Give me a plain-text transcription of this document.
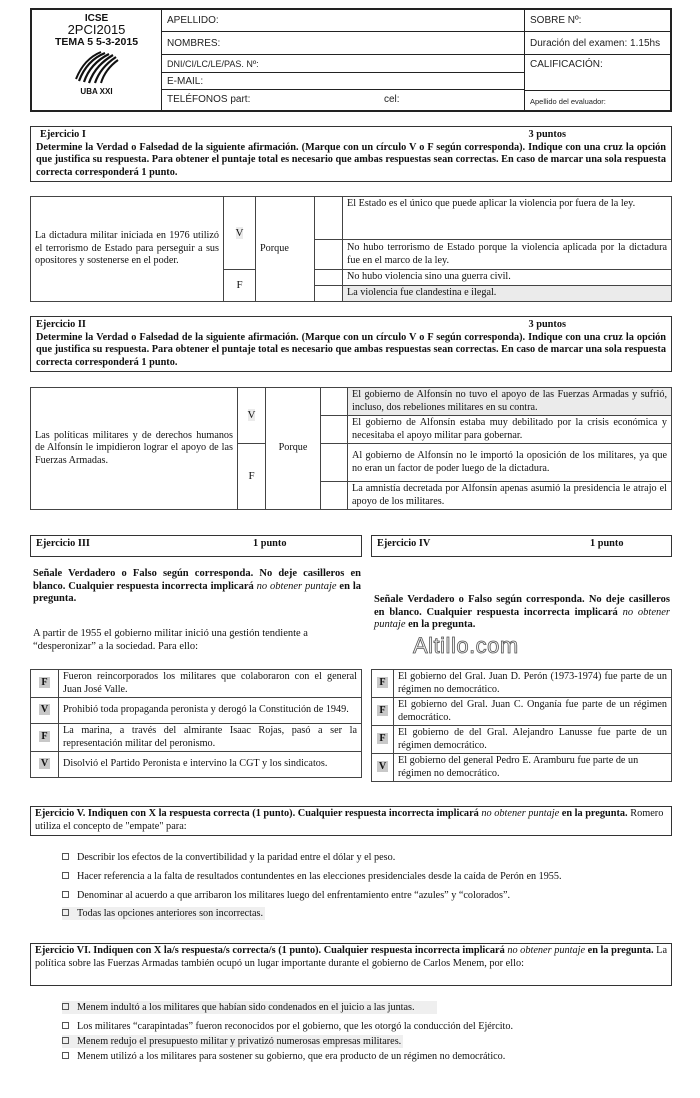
ICSE
2PCI2015
TEMA 5 5-3-2015
UBA XXI
APELLIDO:
NOMBRES:
DNI/CI/LC/LE/PAS. Nº:
E-MAIL:
TELÉFONOS part:	cel:
SOBRE Nº:
Duración del examen: 1.15hs
CALIFICACIÓN:
Apellido del evaluador:
Ejercicio I	3 puntos
Determine la Verdad o Falsedad de la siguiente afirmación. (Marque con un círculo V o F según corresponda). Indique con una cruz la opción que justifica su respuesta. Para obtener el puntaje total es necesario que ambas respuestas sean correctas. En caso de marcar una sola respuesta correcta corresponderá 1 punto.
La dictadura militar iniciada en 1976 utilizó el terrorismo de Estado para perseguir a sus opositores y sostenerse en el poder.	V	Porque		El Estado es el único que puede aplicar la violencia por fuera de la ley.
				No hubo terrorismo de Estado porque la violencia aplicada por la dictadura fue en el marco de la ley.
	F			No hubo violencia sino una guerra civil.
				La violencia fue clandestina e ilegal.
Ejercicio II	3 puntos
Determine la Verdad o Falsedad de la siguiente afirmación. (Marque con un círculo V o F según corresponda). Indique con una cruz la opción que justifica su respuesta. Para obtener el puntaje total es necesario que ambas respuestas sean correctas. En caso de marcar una sola respuesta correcta corresponderá 1 punto.
Las políticas militares y de derechos humanos de Alfonsín le impidieron lograr el apoyo de las Fuerzas Armadas.	V	Porque		El gobierno de Alfonsín no tuvo el apoyo de las Fuerzas Armadas y sufrió, incluso, dos rebeliones militares en su contra.
				El gobierno de Alfonsín estaba muy debilitado por la crisis económica y necesitaba el apoyo militar para gobernar.
	F			Al gobierno de Alfonsín no le importó la oposición de los militares, ya que no eran un factor de poder luego de la dictadura.
				La amnistía decretada por Alfonsín apenas asumió la presidencia le atrajo el apoyo de los militares.
Ejercicio III	1 punto
Señale Verdadero o Falso según corresponda. No deje casilleros en blanco. Cualquier respuesta incorrecta implicará no obtener puntaje en la pregunta.
A partir de 1955 el gobierno militar inició una gestión tendiente a “desperonizar” a la sociedad. Para ello:
F	Fueron reincorporados los militares que colaboraron con el general Juan José Valle.
V	Prohibió toda propaganda peronista y derogó la Constitución de 1949.
F	La marina, a través del almirante Isaac Rojas, pasó a ser la representación militar del peronismo.
V	Disolvió el Partido Peronista e intervino la CGT y los sindicatos.
Ejercicio IV	1 punto
Señale Verdadero o Falso según corresponda. No deje casilleros en blanco. Cualquier respuesta incorrecta implicará no obtener puntaje en la pregunta.
Altillo.com
F	El gobierno del Gral. Juan D. Perón (1973-1974) fue parte de un régimen no democrático.
F	El gobierno del Gral. Juan C. Onganía fue parte de un régimen democrático.
F	El gobierno de del Gral. Alejandro Lanusse fue parte de un régimen democrático.
V	El gobierno del general Pedro E. Aramburu fue parte de un régimen no democrático.
Ejercicio V. Indiquen con X la respuesta correcta (1 punto). Cualquier respuesta incorrecta implicará no obtener puntaje en la pregunta. Romero utiliza el concepto de "empate" para:
Describir los efectos de la convertibilidad y la paridad entre el dólar y el peso.
Hacer referencia a la falta de resultados contundentes en las elecciones presidenciales desde la caída de Perón en 1955.
Denominar al acuerdo a que arribaron los militares luego del enfrentamiento entre “azules” y “colorados”.
Todas las opciones anteriores son incorrectas.
Ejercicio VI. Indiquen con X la/s respuesta/s correcta/s (1 punto). Cualquier respuesta incorrecta implicará no obtener puntaje en la pregunta. La política sobre las Fuerzas Armadas también ocupó un lugar importante durante el gobierno de Carlos Menem, por ello:
Menem indultó a los militares que habían sido condenados en el juicio a las juntas.
Los militares “carapintadas” fueron reconocidos por el gobierno, que les otorgó la conducción del Ejército.
Menem redujo el presupuesto militar y privatizó numerosas empresas militares.
Menem utilizó a los militares para sostener su gobierno, que era producto de un régimen no democrático.
